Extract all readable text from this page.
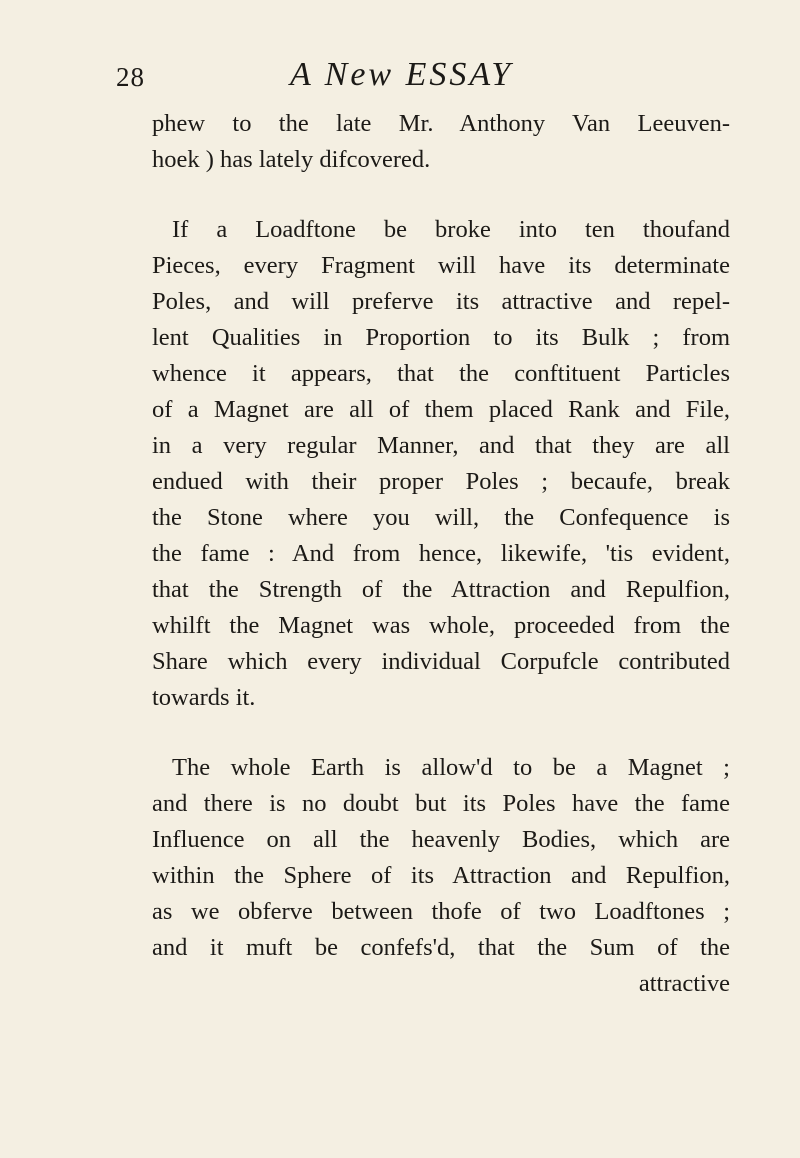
28	A New ESSAY
phew to the late Mr. Anthony Van Leeuven-
hoek ) has lately difcovered.
If a Loadftone be broke into ten thoufand
Pieces, every Fragment will have its determinate
Poles, and will preferve its attractive and repel-
lent Qualities in Proportion to its Bulk ; from
whence it appears, that the conftituent Particles
of a Magnet are all of them placed Rank and File,
in a very regular Manner, and that they are all
endued with their proper Poles ; becaufe, break
the Stone where you will, the Confequence is
the fame : And from hence, likewife, 'tis evident,
that the Strength of the Attraction and Repulfion,
whilft the Magnet was whole, proceeded from the
Share which every individual Corpufcle contributed
towards it.
The whole Earth is allow'd to be a Magnet ;
and there is no doubt but its Poles have the fame
Influence on all the heavenly Bodies, which are
within the Sphere of its Attraction and Repulfion,
as we obferve between thofe of two Loadftones ;
and it muft be confefs'd, that the Sum of the
attractive
